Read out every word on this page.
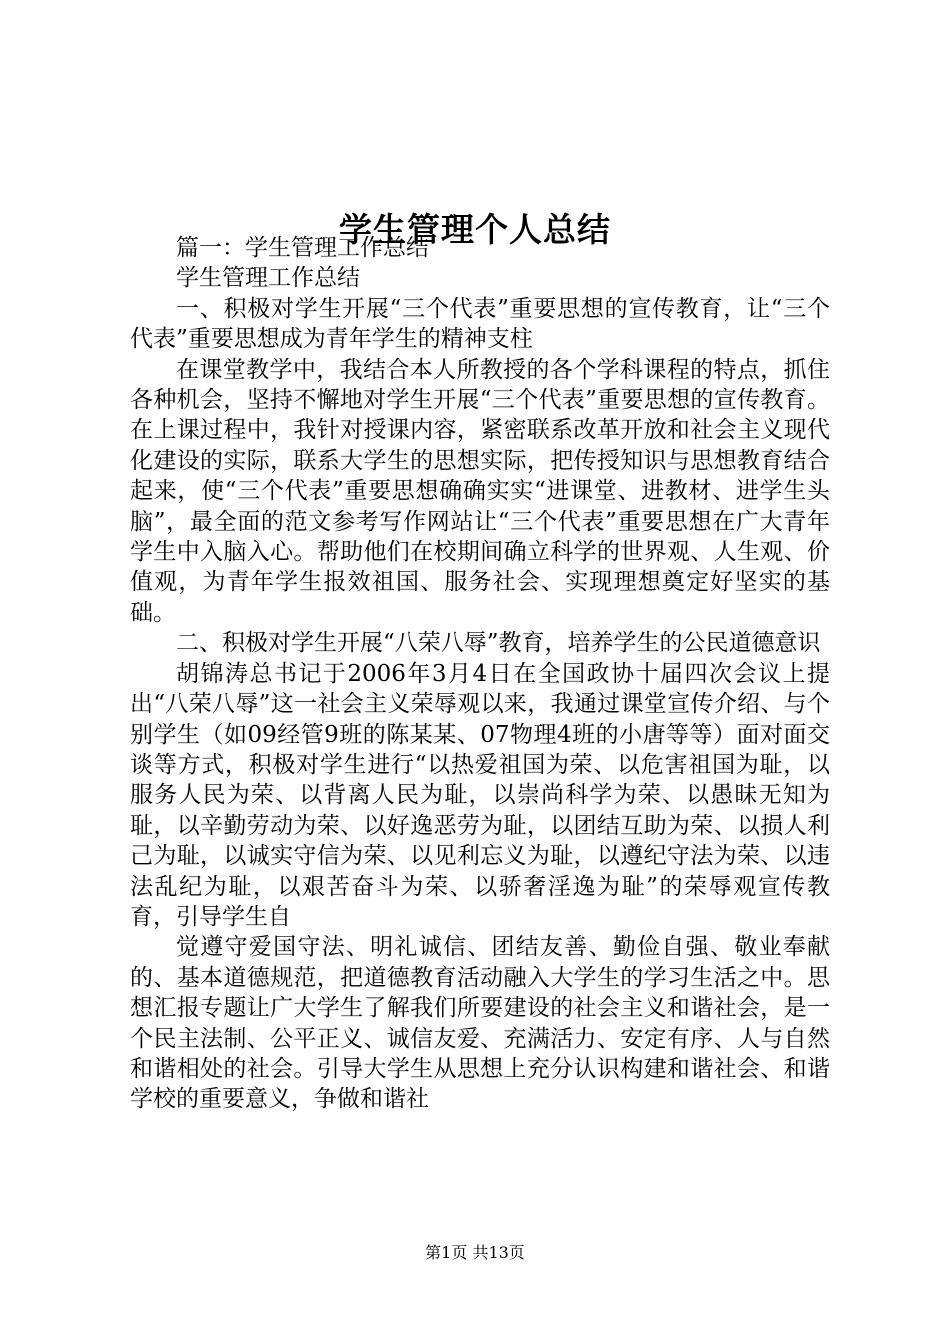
学生管理个人总结

篇一：学生管理工作总结

学生管理工作总结

一、积极对学生开展“三个代表”重要思想的宣传教育，让“三个代表”重要思想成为青年学生的精神支柱

在课堂教学中，我结合本人所教授的各个学科课程的特点，抓住各种机会，坚持不懈地对学生开展“三个代表”重要思想的宣传教育。在上课过程中，我针对授课内容，紧密联系改革开放和社会主义现代化建设的实际，联系大学生的思想实际，把传授知识与思想教育结合起来，使“三个代表”重要思想确确实实“进课堂、进教材、进学生头脑”，最全面的范文参考写作网站让“三个代表”重要思想在广大青年学生中入脑入心。帮助他们在校期间确立科学的世界观、人生观、价值观，为青年学生报效祖国、服务社会、实现理想奠定好坚实的基础。

二、积极对学生开展“八荣八辱”教育，培养学生的公民道德意识

胡锦涛总书记于2006年3月4日在全国政协十届四次会议上提出“八荣八辱”这一社会主义荣辱观以来，我通过课堂宣传介绍、与个别学生（如09经管9班的陈某某、07物理4班的小唐等等）面对面交谈等方式，积极对学生进行“以热爱祖国为荣、以危害祖国为耻，以服务人民为荣、以背离人民为耻，以崇尚科学为荣、以愚昧无知为耻，以辛勤劳动为荣、以好逸恶劳为耻，以团结互助为荣、以损人利己为耻，以诚实守信为荣、以见利忘义为耻，以遵纪守法为荣、以违法乱纪为耻，以艰苦奋斗为荣、以骄奢淫逸为耻”的荣辱观宣传教育，引导学生自

觉遵守爱国守法、明礼诚信、团结友善、勤俭自强、敬业奉献的、基本道德规范，把道德教育活动融入大学生的学习生活之中。思想汇报专题让广大学生了解我们所要建设的社会主义和谐社会，是一个民主法制、公平正义、诚信友爱、充满活力、安定有序、人与自然和谐相处的社会。引导大学生从思想上充分认识构建和谐社会、和谐学校的重要意义，争做和谐社

第1页 共13页
